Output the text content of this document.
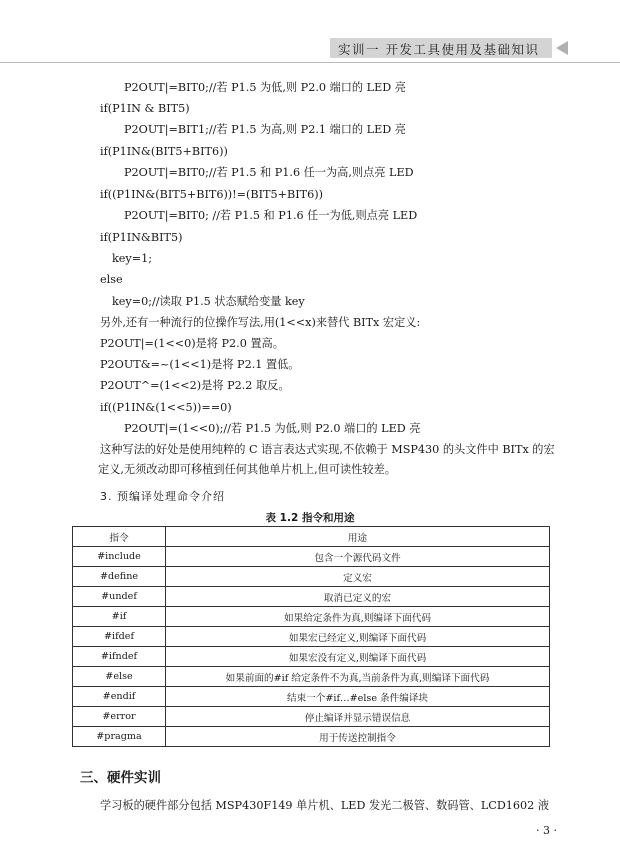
实训一 开发工具使用及基础知识
P2OUT|=BIT0;//若 P1.5 为低,则 P2.0 端口的 LED 亮
if(P1IN & BIT5)
P2OUT|=BIT1;//若 P1.5 为高,则 P2.1 端口的 LED 亮
if(P1IN&(BIT5+BIT6))
P2OUT|=BIT0;//若 P1.5 和 P1.6 任一为高,则点亮 LED
if((P1IN&(BIT5+BIT6))!=(BIT5+BIT6))
P2OUT|=BIT0; //若 P1.5 和 P1.6 任一为低,则点亮 LED
if(P1IN&BIT5)
key=1;
else
key=0;//读取 P1.5 状态赋给变量 key
另外,还有一种流行的位操作写法,用(1<<x)来替代 BITx 宏定义:
P2OUT|=(1<<0)是将 P2.0 置高。
P2OUT&=~(1<<1)是将 P2.1 置低。
P2OUT^=(1<<2)是将 P2.2 取反。
if((P1IN&(1<<5))==0)
P2OUT|=(1<<0);//若 P1.5 为低,则 P2.0 端口的 LED 亮
这种写法的好处是使用纯粹的 C 语言表达式实现,不依赖于 MSP430 的头文件中 BITx 的宏定义,无须改动即可移植到任何其他单片机上,但可读性较差。
3. 预编译处理命令介绍
表 1.2 指令和用途
指令	用途
#include	包含一个源代码文件
#define	定义宏
#undef	取消已定义的宏
#if	如果给定条件为真,则编译下面代码
#ifdef	如果宏已经定义,则编译下面代码
#ifndef	如果宏没有定义,则编译下面代码
#else	如果前面的#if 给定条件不为真,当前条件为真,则编译下面代码
#endif	结束一个#if…#else 条件编译块
#error	停止编译并显示错误信息
#pragma	用于传送控制指令
三、硬件实训
学习板的硬件部分包括 MSP430F149 单片机、LED 发光二极管、数码管、LCD1602 液
· 3 ·
